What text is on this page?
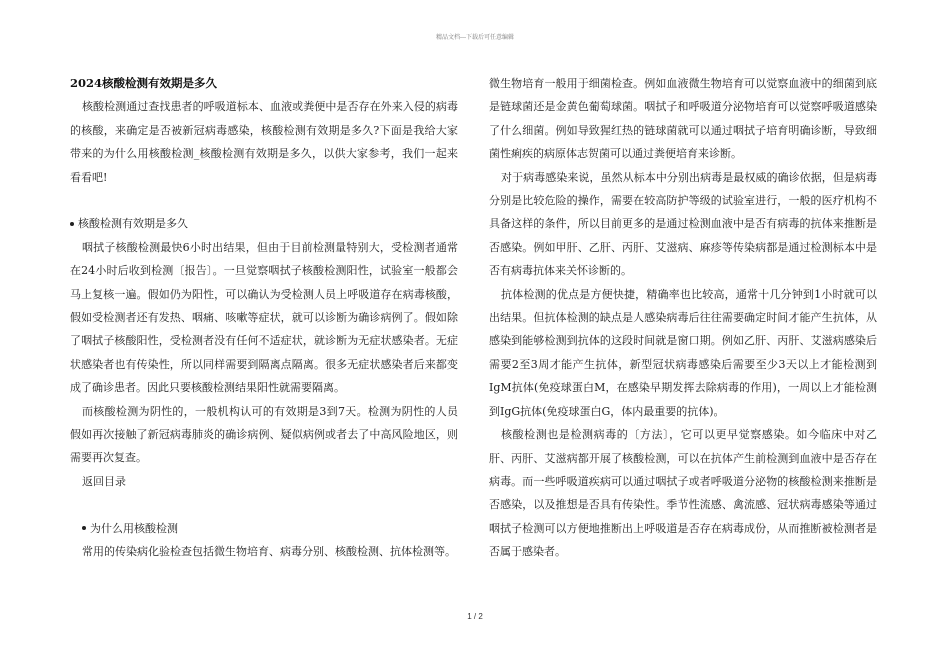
精品文档---下载后可任意编辑
2024核酸检测有效期是多久

核酸检测通过查找患者的呼吸道标本、血液或粪便中是否存在外来入侵的病毒的核酸，来确定是否被新冠病毒感染，核酸检测有效期是多久?下面是我给大家带来的为什么用核酸检测_核酸检测有效期是多久，以供大家参考，我们一起来看看吧!

核酸检测有效期是多久

咽拭子核酸检测最快6小时出结果，但由于目前检测量特别大，受检测者通常在24小时后收到检测〔报告〕。一旦觉察咽拭子核酸检测阳性，试验室一般都会马上复核一遍。假如仍为阳性，可以确认为受检测人员上呼吸道存在病毒核酸，假如受检测者还有发热、咽痛、咳嗽等症状，就可以诊断为确诊病例了。假如除了咽拭子核酸阳性，受检测者没有任何不适症状，就诊断为无症状感染者。无症状感染者也有传染性，所以同样需要到隔离点隔离。很多无症状感染者后来都变成了确诊患者。因此只要核酸检测结果阳性就需要隔离。

而核酸检测为阴性的，一般机构认可的有效期是3到7天。检测为阴性的人员假如再次接触了新冠病毒肺炎的确诊病例、疑似病例或者去了中高风险地区，则需要再次复查。

返回目录

为什么用核酸检测

常用的传染病化验检查包括微生物培育、病毒分别、核酸检测、抗体检测等。

微生物培育一般用于细菌检查。例如血液微生物培育可以觉察血液中的细菌到底是链球菌还是金黄色葡萄球菌。咽拭子和呼吸道分泌物培育可以觉察呼吸道感染了什么细菌。例如导致猩红热的链球菌就可以通过咽拭子培育明确诊断，导致细菌性痢疾的病原体志贺菌可以通过粪便培育来诊断。

对于病毒感染来说，虽然从标本中分别出病毒是最权威的确诊依据，但是病毒分别是比较危险的操作，需要在较高防护等级的试验室进行，一般的医疗机构不具备这样的条件，所以目前更多的是通过检测血液中是否有病毒的抗体来推断是否感染。例如甲肝、乙肝、丙肝、艾滋病、麻疹等传染病都是通过检测标本中是否有病毒抗体来关怀诊断的。

抗体检测的优点是方便快捷，精确率也比较高，通常十几分钟到1小时就可以出结果。但抗体检测的缺点是人感染病毒后往往需要确定时间才能产生抗体，从感染到能够检测到抗体的这段时间就是窗口期。例如乙肝、丙肝、艾滋病感染后需要2至3周才能产生抗体，新型冠状病毒感染后需要至少3天以上才能检测到IgM抗体(免疫球蛋白M，在感染早期发挥去除病毒的作用)，一周以上才能检测到IgG抗体(免疫球蛋白G，体内最重要的抗体)。

核酸检测也是检测病毒的〔方法〕，它可以更早觉察感染。如今临床中对乙肝、丙肝、艾滋病都开展了核酸检测，可以在抗体产生前检测到血液中是否存在病毒。而一些呼吸道疾病可以通过咽拭子或者呼吸道分泌物的核酸检测来推断是否感染，以及推想是否具有传染性。季节性流感、禽流感、冠状病毒感染等通过咽拭子检测可以方便地推断出上呼吸道是否存在病毒成份，从而推断被检测者是否属于感染者。

1 / 2
